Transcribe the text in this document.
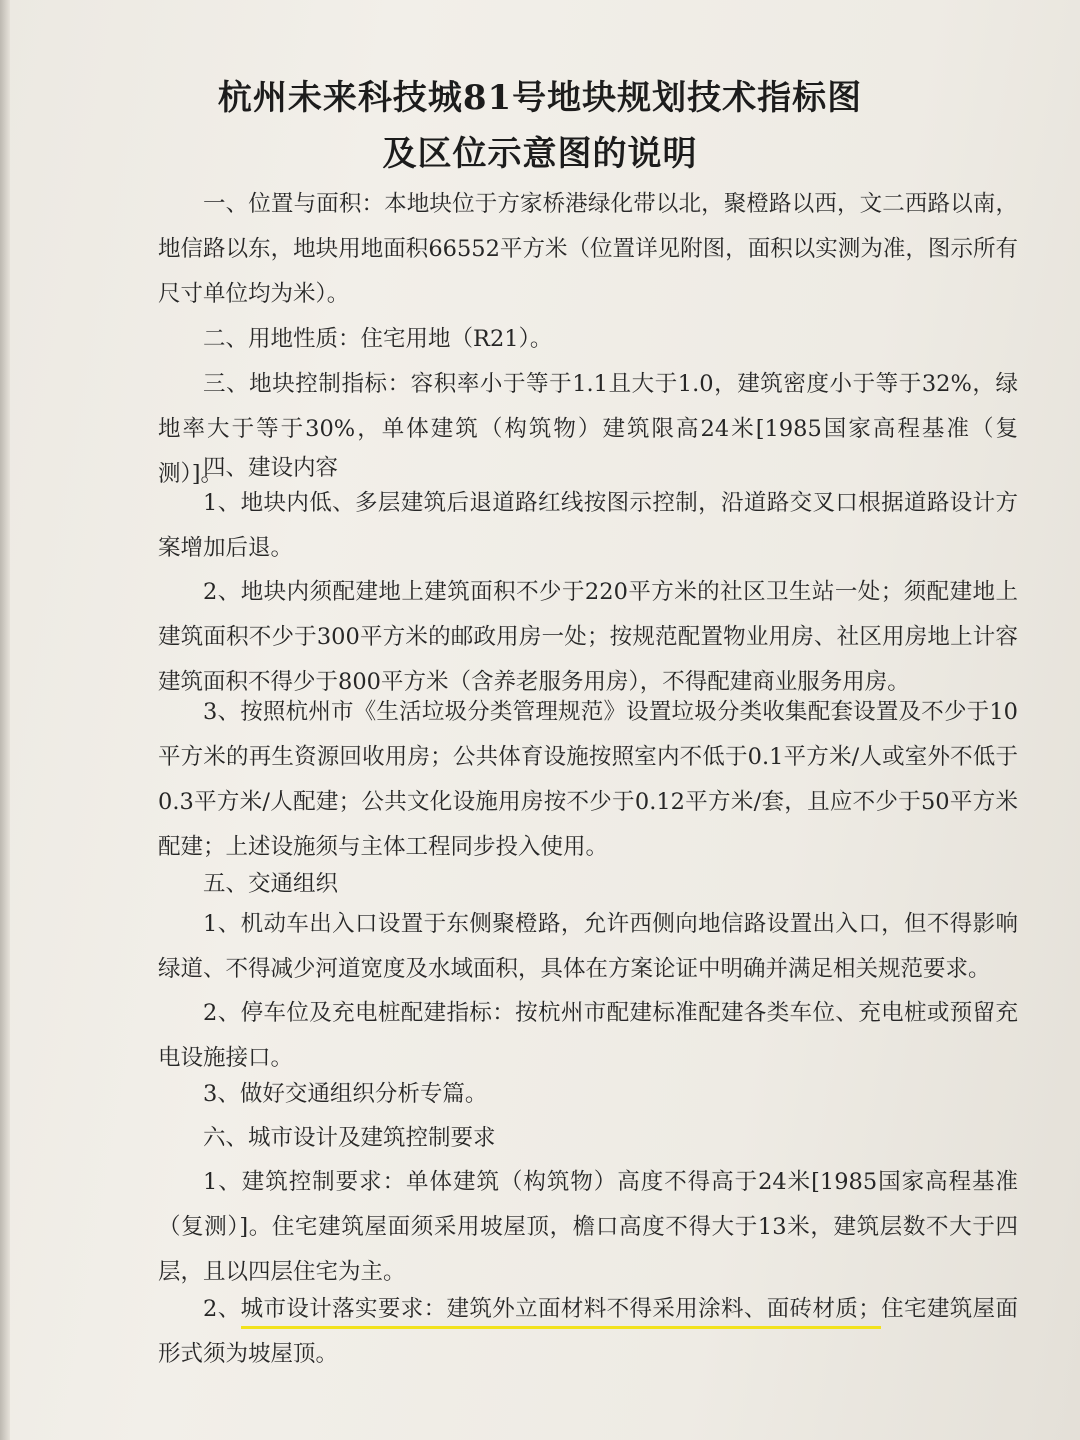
杭州未来科技城81号地块规划技术指标图
及区位示意图的说明

一、位置与面积：本地块位于方家桥港绿化带以北，聚橙路以西，文二西路以南，地信路以东，地块用地面积66552平方米（位置详见附图，面积以实测为准，图示所有尺寸单位均为米）。

二、用地性质：住宅用地（R21）。

三、地块控制指标：容积率小于等于1.1且大于1.0，建筑密度小于等于32%，绿地率大于等于30%，单体建筑（构筑物）建筑限高24米[1985国家高程基准（复测）]。

四、建设内容

1、地块内低、多层建筑后退道路红线按图示控制，沿道路交叉口根据道路设计方案增加后退。

2、地块内须配建地上建筑面积不少于220平方米的社区卫生站一处；须配建地上建筑面积不少于300平方米的邮政用房一处；按规范配置物业用房、社区用房地上计容建筑面积不得少于800平方米（含养老服务用房），不得配建商业服务用房。

3、按照杭州市《生活垃圾分类管理规范》设置垃圾分类收集配套设置及不少于10平方米的再生资源回收用房；公共体育设施按照室内不低于0.1平方米/人或室外不低于0.3平方米/人配建；公共文化设施用房按不少于0.12平方米/套，且应不少于50平方米配建；上述设施须与主体工程同步投入使用。

五、交通组织

1、机动车出入口设置于东侧聚橙路，允许西侧向地信路设置出入口，但不得影响绿道、不得减少河道宽度及水域面积，具体在方案论证中明确并满足相关规范要求。

2、停车位及充电桩配建指标：按杭州市配建标准配建各类车位、充电桩或预留充电设施接口。

3、做好交通组织分析专篇。

六、城市设计及建筑控制要求

1、建筑控制要求：单体建筑（构筑物）高度不得高于24米[1985国家高程基准（复测）]。住宅建筑屋面须采用坡屋顶，檐口高度不得大于13米，建筑层数不大于四层，且以四层住宅为主。

2、城市设计落实要求：建筑外立面材料不得采用涂料、面砖材质；住宅建筑屋面形式须为坡屋顶。
